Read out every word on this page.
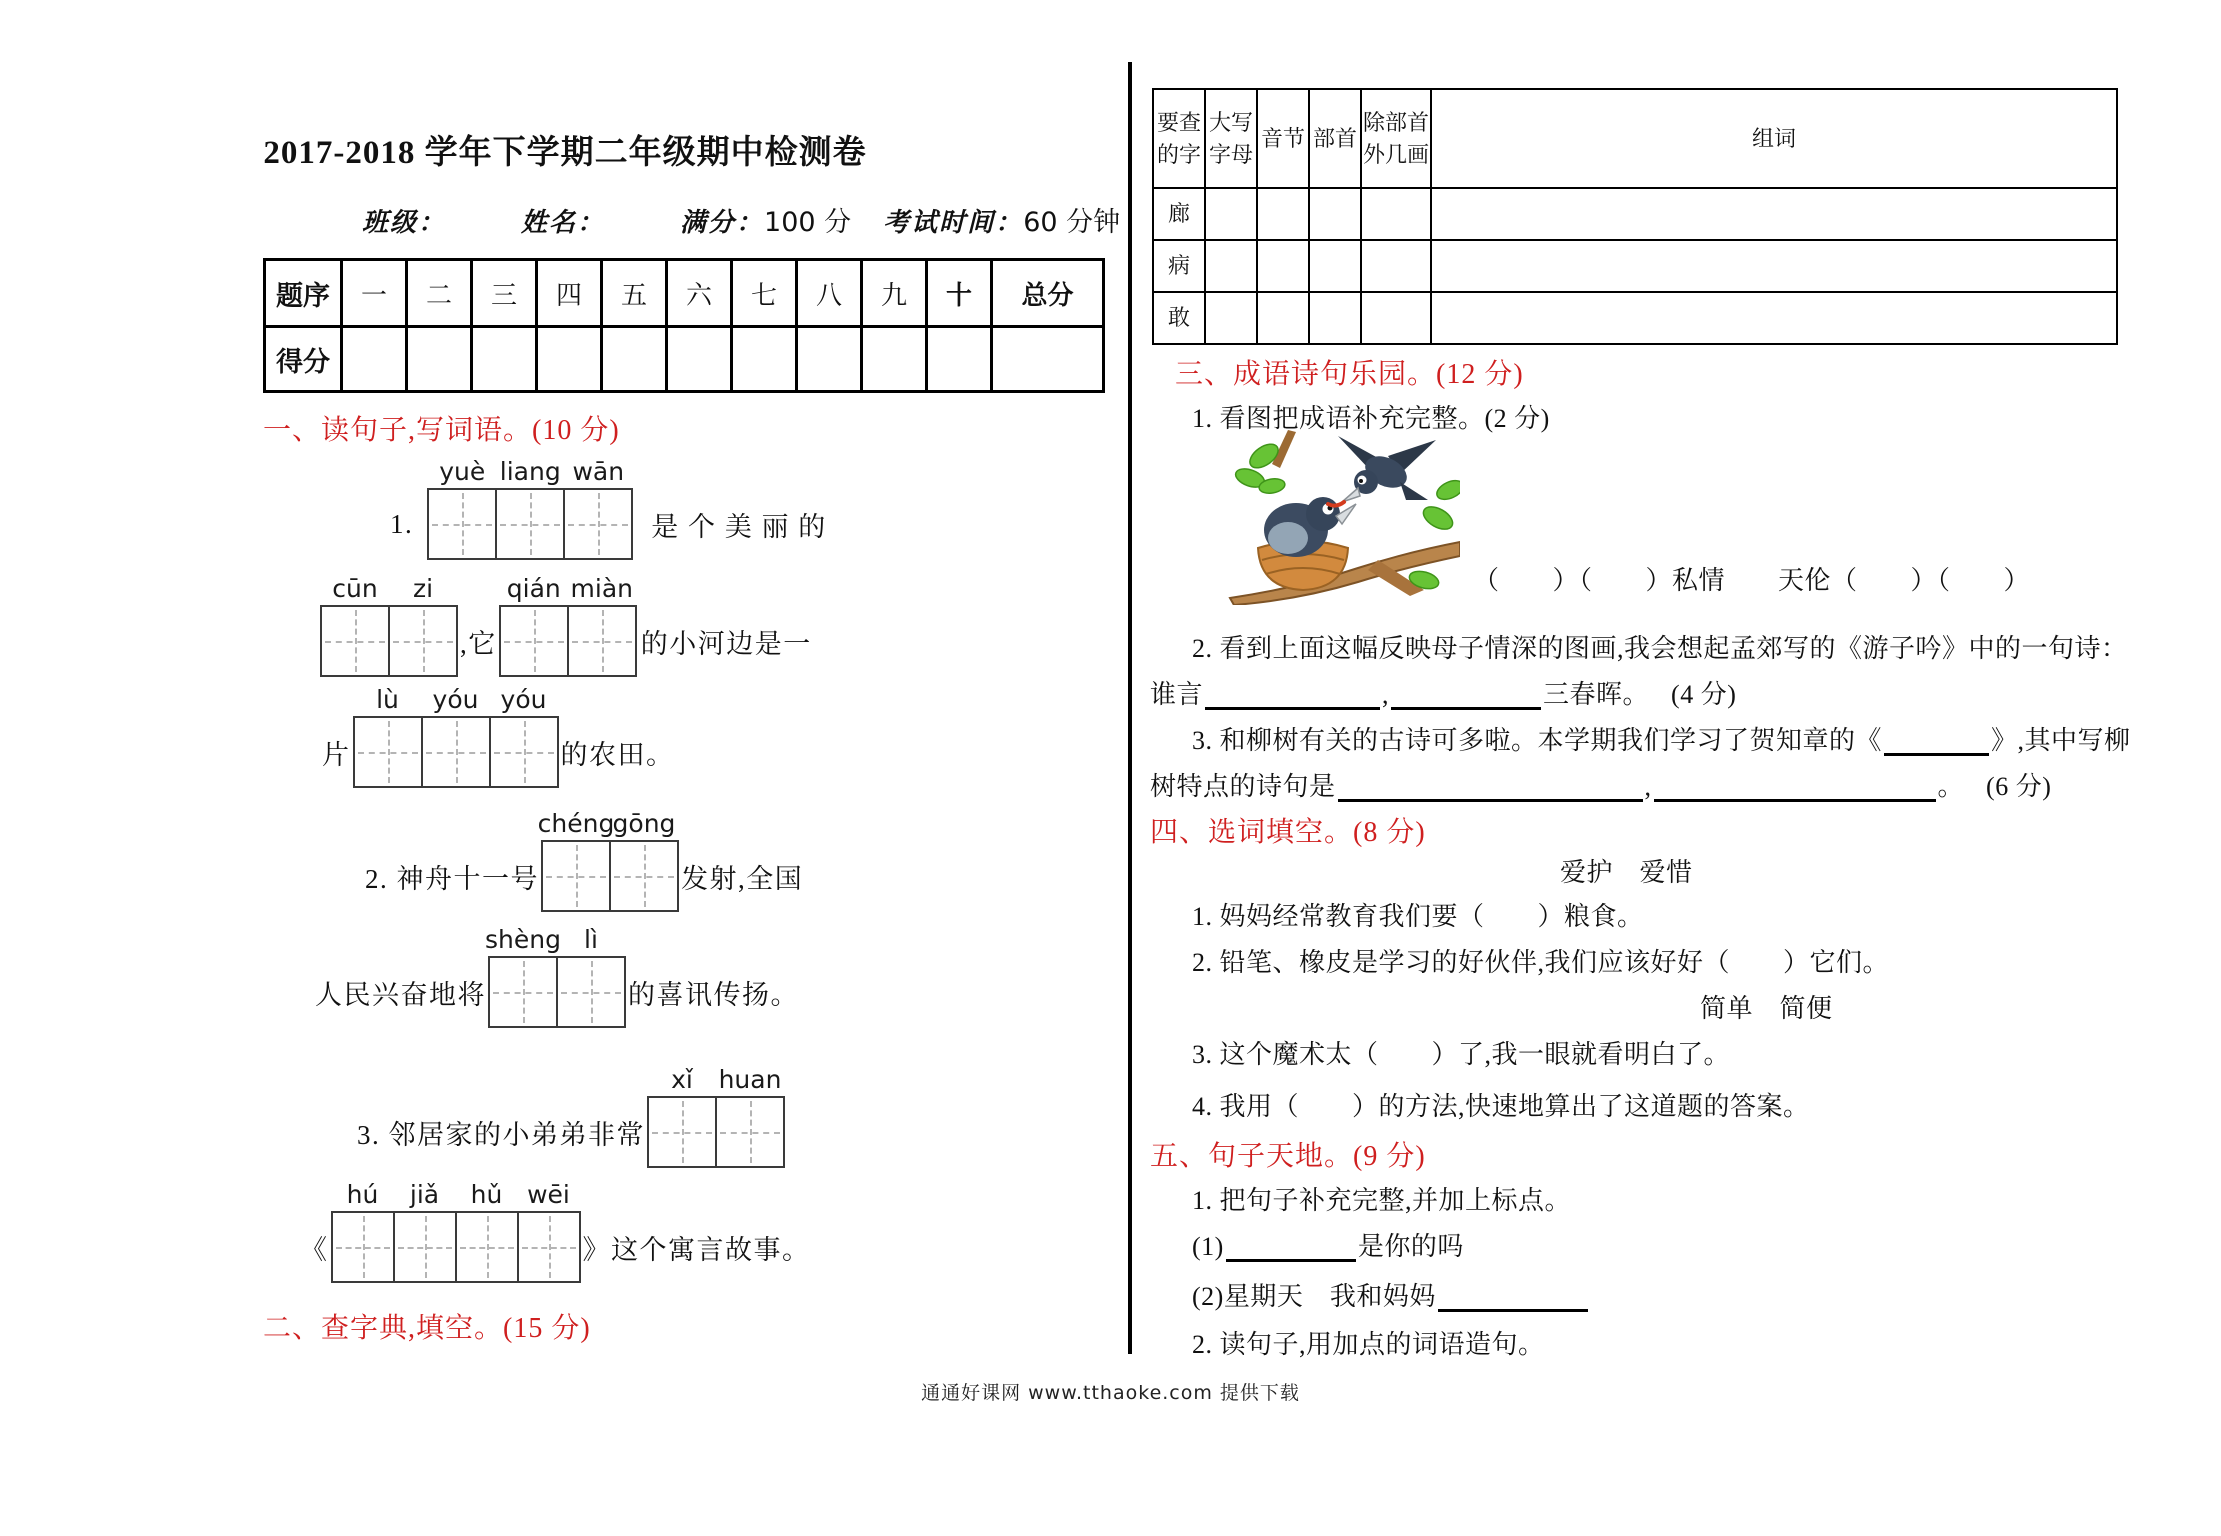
2017-2018 学年下学期二年级期中检测卷
班级：	姓名：	满分：100 分 考试时间：60 分钟
题序	一	二	三	四	五	六	七	八	九	十	总分
得分											
一、读句子,写词语。(10 分)
1.
yuè liang wān
是 个 美 丽 的
cūn	zi
,它
qián miàn
的小河边是一
片
lù	yóu yóu
的农田。
2. 神舟十一号
chéng
gōng
发射,全国
人民兴奋地将
shèng lì
的喜讯传扬。
3. 邻居家的小弟弟非常
xǐ	huan
《
hú	jiǎ	hǔ wēi
》这个寓言故事。
二、查字典,填空。(15 分)
要查的字	大写字母	音节	部首	除部首外几画	组词
廊					
病					
敢					
三、成语诗句乐园。(12 分)
1. 看图把成语补充完整。(2 分)
（　　）（　　）私情　　天伦（　　）（　　）
2. 看到上面这幅反映母子情深的图画,我会想起孟郊写的《游子吟》中的一句诗：
谁言	,	三春晖。 (4 分)
3. 和柳树有关的古诗可多啦。本学期我们学习了贺知章的《	》,其中写柳
树特点的诗句是	,	。 (6 分)
四、选词填空。(8 分)
爱护　爱惜
1. 妈妈经常教育我们要（　　）粮食。
2. 铅笔、橡皮是学习的好伙伴,我们应该好好（　　）它们。
简单　简便
3. 这个魔术太（　　）了,我一眼就看明白了。
4. 我用（　　）的方法,快速地算出了这道题的答案。
五、句子天地。(9 分)
1. 把句子补充完整,并加上标点。
(1)	是你的吗
(2)星期天　我和妈妈
2. 读句子,用加点的词语造句。
通通好课网 www.tthaoke.com 提供下载
